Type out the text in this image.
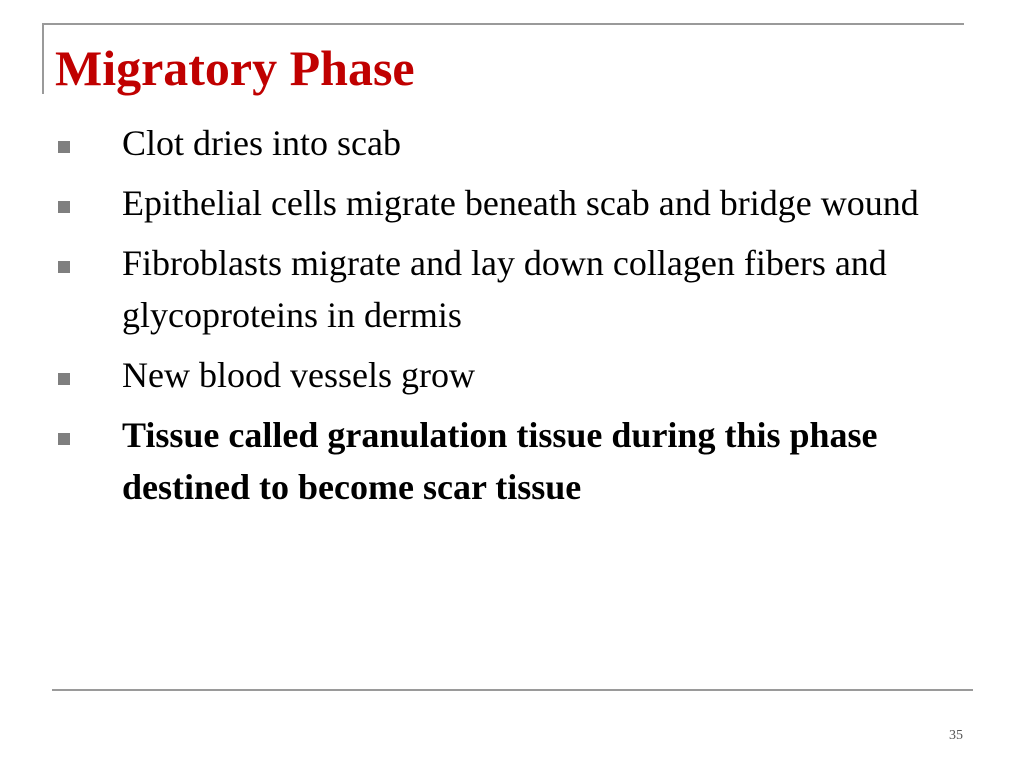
Migratory Phase
Clot dries into scab
Epithelial cells migrate beneath scab and bridge wound
Fibroblasts migrate and lay down collagen fibers and glycoproteins in dermis
New blood vessels grow
Tissue called granulation tissue during this phase destined to become scar tissue
35
